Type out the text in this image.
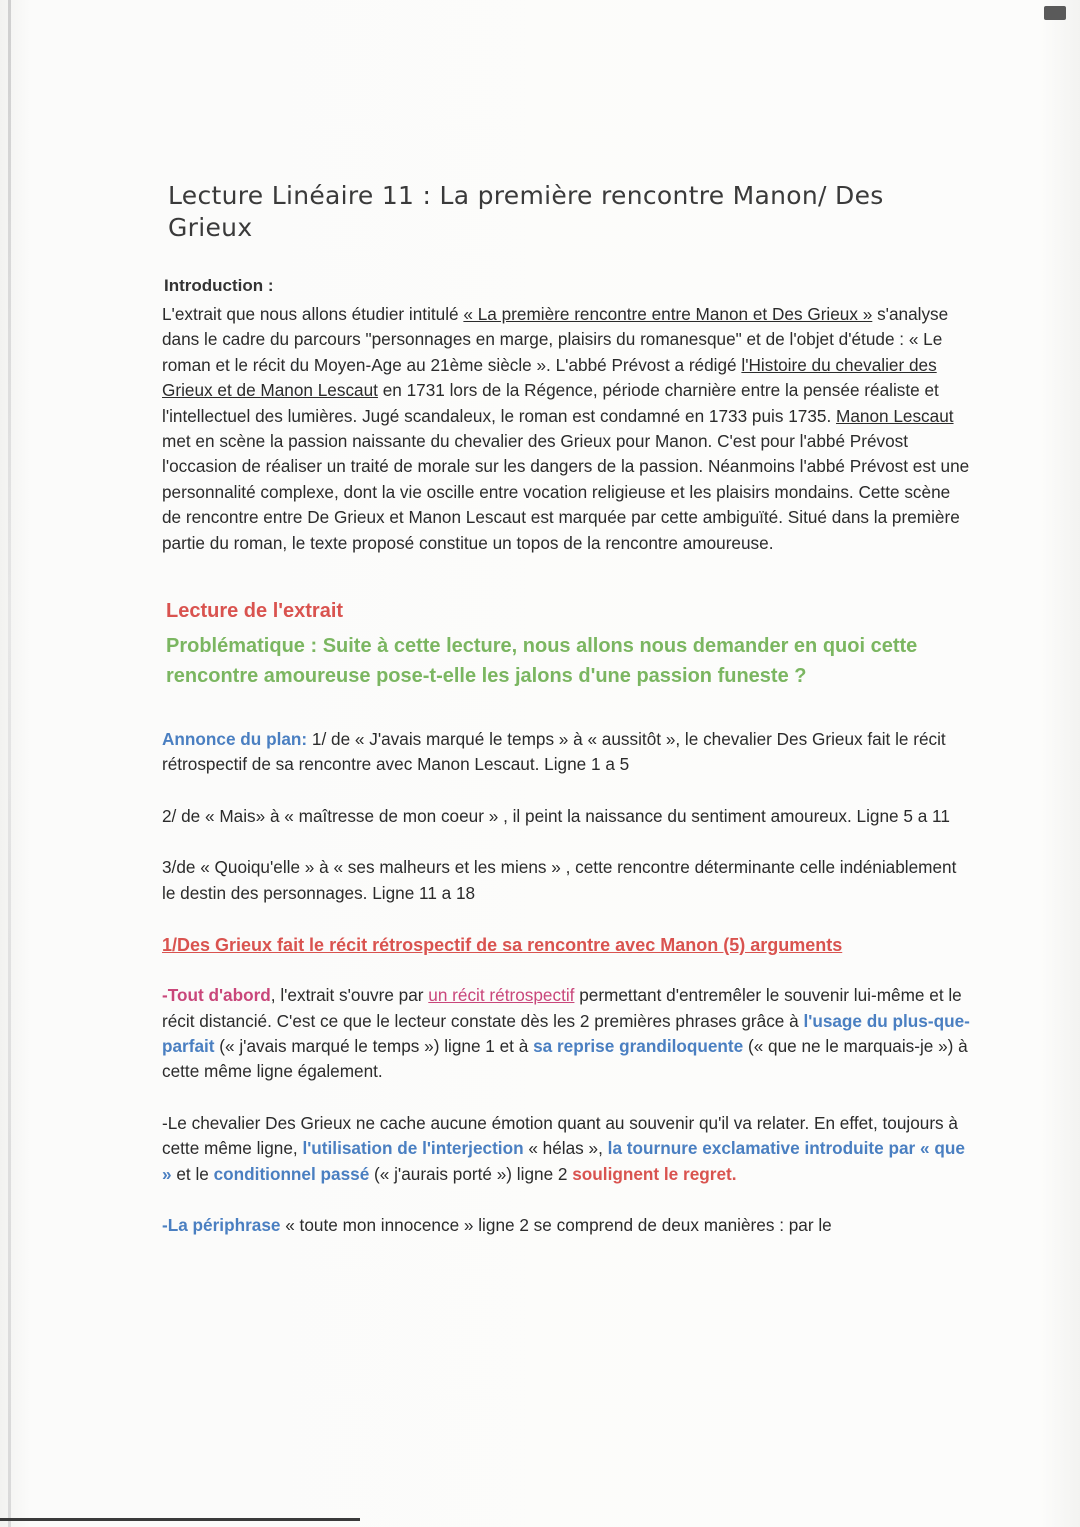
Lecture Linéaire 11 : La première rencontre Manon/ Des Grieux
Introduction :

L'extrait que nous allons étudier intitulé « La première rencontre entre Manon et Des Grieux » s'analyse dans le cadre du parcours "personnages en marge, plaisirs du romanesque" et de l'objet d'étude : « Le roman et le récit du Moyen-Age au 21ème siècle ». L'abbé Prévost a rédigé l'Histoire du chevalier des Grieux et de Manon Lescaut en 1731 lors de la Régence, période charnière entre la pensée réaliste et l'intellectuel des lumières. Jugé scandaleux, le roman est condamné en 1733 puis 1735. Manon Lescaut met en scène la passion naissante du chevalier des Grieux pour Manon. C'est pour l'abbé Prévost l'occasion de réaliser un traité de morale sur les dangers de la passion. Néanmoins l'abbé Prévost est une personnalité complexe, dont la vie oscille entre vocation religieuse et les plaisirs mondains. Cette scène de rencontre entre De Grieux et Manon Lescaut est marquée par cette ambiguïté. Situé dans la première partie du roman, le texte proposé constitue un topos de la rencontre amoureuse.

Lecture de l'extrait
Problématique : Suite à cette lecture, nous allons nous demander en quoi cette rencontre amoureuse pose-t-elle les jalons d'une passion funeste ?

Annonce du plan: 1/ de « J'avais marqué le temps » à « aussitôt », le chevalier Des Grieux fait le récit rétrospectif de sa rencontre avec Manon Lescaut. Ligne 1 a 5

2/ de « Mais» à « maîtresse de mon coeur » , il peint la naissance du sentiment amoureux. Ligne 5 a 11

3/de « Quoiqu'elle » à « ses malheurs et les miens » , cette rencontre déterminante celle indéniablement le destin des personnages. Ligne 11 a 18

1/Des Grieux fait le récit rétrospectif de sa rencontre avec Manon (5) arguments

-Tout d'abord, l'extrait s'ouvre par un récit rétrospectif permettant d'entremêler le souvenir lui-même et le récit distancié. C'est ce que le lecteur constate dès les 2 premières phrases grâce à l'usage du plus-que-parfait (« j'avais marqué le temps ») ligne 1 et à sa reprise grandiloquente (« que ne le marquais-je ») à cette même ligne également.

-Le chevalier Des Grieux ne cache aucune émotion quant au souvenir qu'il va relater. En effet, toujours à cette même ligne, l'utilisation de l'interjection « hélas », la tournure exclamative introduite par « que » et le conditionnel passé (« j'aurais porté ») ligne 2 soulignent le regret.

-La périphrase « toute mon innocence » ligne 2 se comprend de deux manières : par le
